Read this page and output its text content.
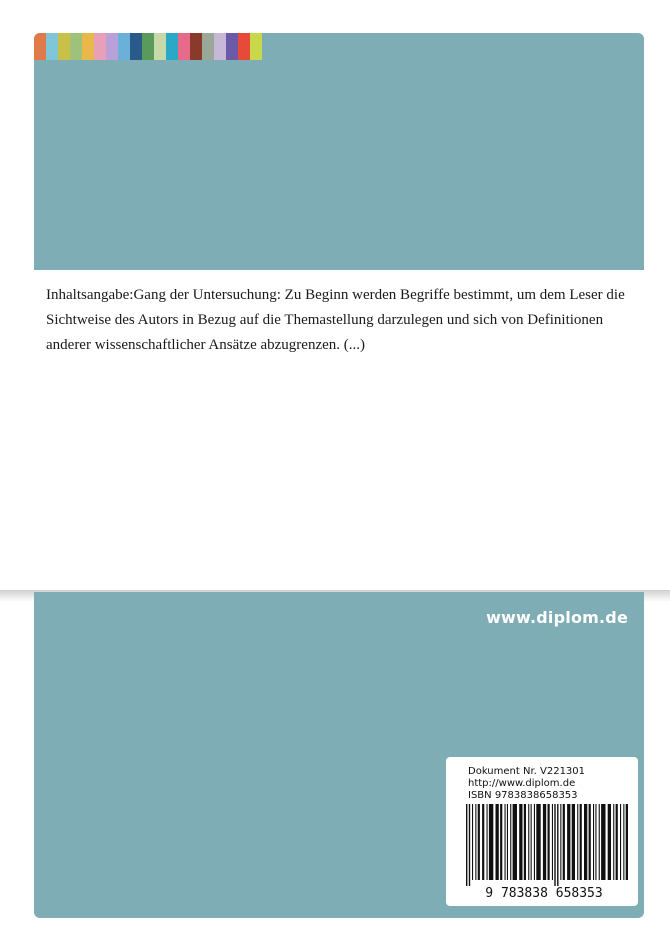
Inhaltsangabe:Gang der Untersuchung: Zu Beginn werden Begriffe bestimmt, um dem Leser die Sichtweise des Autors in Bezug auf die Themastellung darzulegen und sich von Definitionen anderer wissenschaftlicher Ansätze abzugrenzen. (...)

www.diplom.de
Dokument Nr. V221301
http://www.diplom.de
ISBN 9783838658353
9 783838 658353
